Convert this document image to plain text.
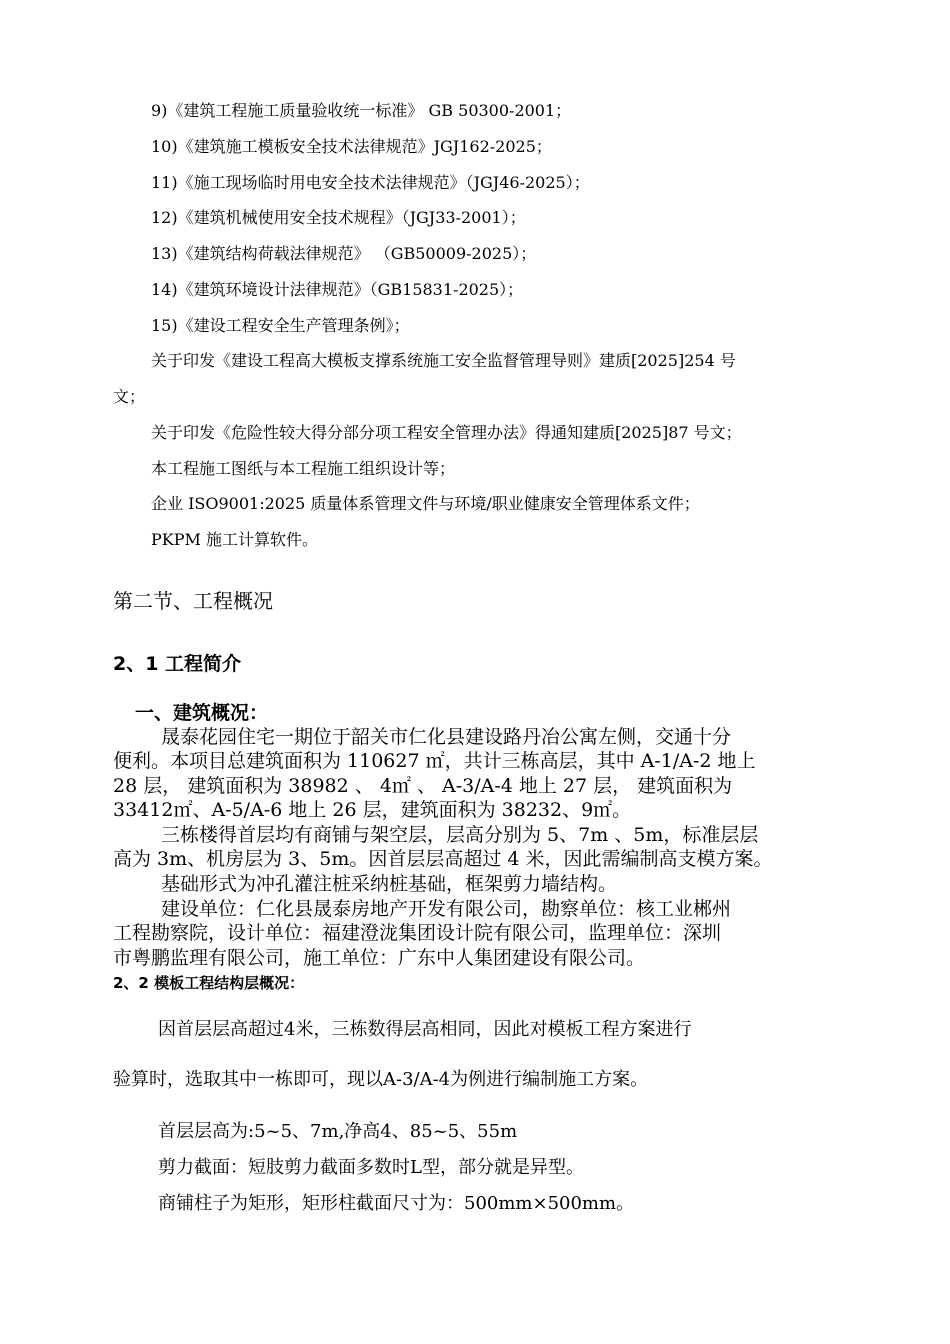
9)《建筑工程施工质量验收统一标准》 GB 50300-2001；

10)《建筑施工模板安全技术法律规范》JGJ162-2025；

11)《施工现场临时用电安全技术法律规范》（JGJ46-2025）；

12)《建筑机械使用安全技术规程》（JGJ33-2001）；

13)《建筑结构荷载法律规范》 （GB50009-2025）；

14)《建筑环境设计法律规范》（GB15831-2025）；

15)《建设工程安全生产管理条例》；

关于印发《建设工程高大模板支撑系统施工安全监督管理导则》建质[2025]254 号

文；

关于印发《危险性较大得分部分项工程安全管理办法》得通知建质[2025]87 号文；

本工程施工图纸与本工程施工组织设计等；

企业 ISO9001:2025 质量体系管理文件与环境/职业健康安全管理体系文件；

PKPM 施工计算软件。

第二节、工程概况

2、1 工程简介

一、建筑概况：

晟泰花园住宅一期位于韶关市仁化县建设路丹冶公寓左侧，交通十分

便利。本项目总建筑面积为 110627 ㎡，共计三栋高层，其中 A-1/A-2 地上

28 层， 建筑面积为 38982 、 4㎡ 、 A-3/A-4 地上 27 层， 建筑面积为

33412㎡、A-5/A-6 地上 26 层，建筑面积为 38232、9㎡。

三栋楼得首层均有商铺与架空层，层高分别为 5、7m 、5m，标准层层

高为 3m、机房层为 3、5m。因首层层高超过 4 米，因此需编制高支模方案。

基础形式为冲孔灌注桩采纳桩基础，框架剪力墙结构。

建设单位：仁化县晟泰房地产开发有限公司，勘察单位：核工业郴州

工程勘察院，设计单位：福建澄泷集团设计院有限公司，监理单位：深圳

市粤鹏监理有限公司，施工单位：广东中人集团建设有限公司。

2、2 模板工程结构层概况：

因首层层高超过4米，三栋数得层高相同，因此对模板工程方案进行

验算时，选取其中一栋即可，现以A-3/A-4为例进行编制施工方案。

首层层高为:5~5、7m,净高4、85~5、55m

剪力截面：短肢剪力截面多数时L型，部分就是异型。

商铺柱子为矩形，矩形柱截面尺寸为：500mm×500mm。
